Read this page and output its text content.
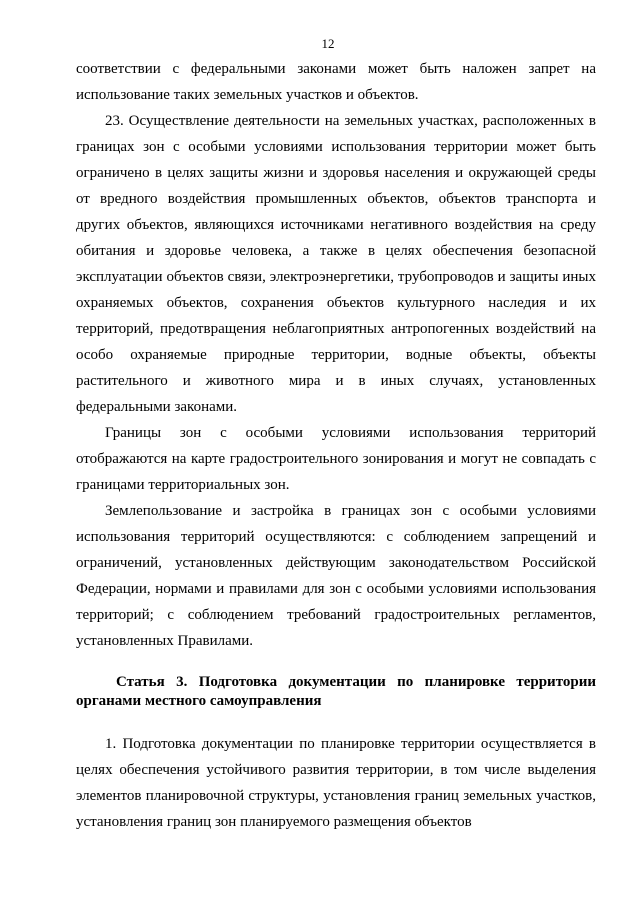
12

соответствии с федеральными законами может быть наложен запрет на использование таких земельных участков и объектов.

23. Осуществление деятельности на земельных участках, расположенных в границах зон с особыми условиями использования территории может быть ограничено в целях защиты жизни и здоровья населения и окружающей среды от вредного воздействия промышленных объектов, объектов транспорта и других объектов, являющихся источниками негативного воздействия на среду обитания и здоровье человека, а также в целях обеспечения безопасной эксплуатации объектов связи, электроэнергетики, трубопроводов и защиты иных охраняемых объектов, сохранения объектов культурного наследия и их территорий, предотвращения неблагоприятных антропогенных воздействий на особо охраняемые природные территории, водные объекты, объекты растительного и животного мира и в иных случаях, установленных федеральными законами.

Границы зон с особыми условиями использования территорий отображаются на карте градостроительного зонирования и могут не совпадать с границами территориальных зон.

Землепользование и застройка в границах зон с особыми условиями использования территорий осуществляются: с соблюдением запрещений и ограничений, установленных действующим законодательством Российской Федерации, нормами и правилами для зон с особыми условиями использования территорий; с соблюдением требований градостроительных регламентов, установленных Правилами.

Статья 3. Подготовка документации по планировке территории органами местного самоуправления

1. Подготовка документации по планировке территории осуществляется в целях обеспечения устойчивого развития территории, в том числе выделения элементов планировочной структуры, установления границ земельных участков, установления границ зон планируемого размещения объектов
